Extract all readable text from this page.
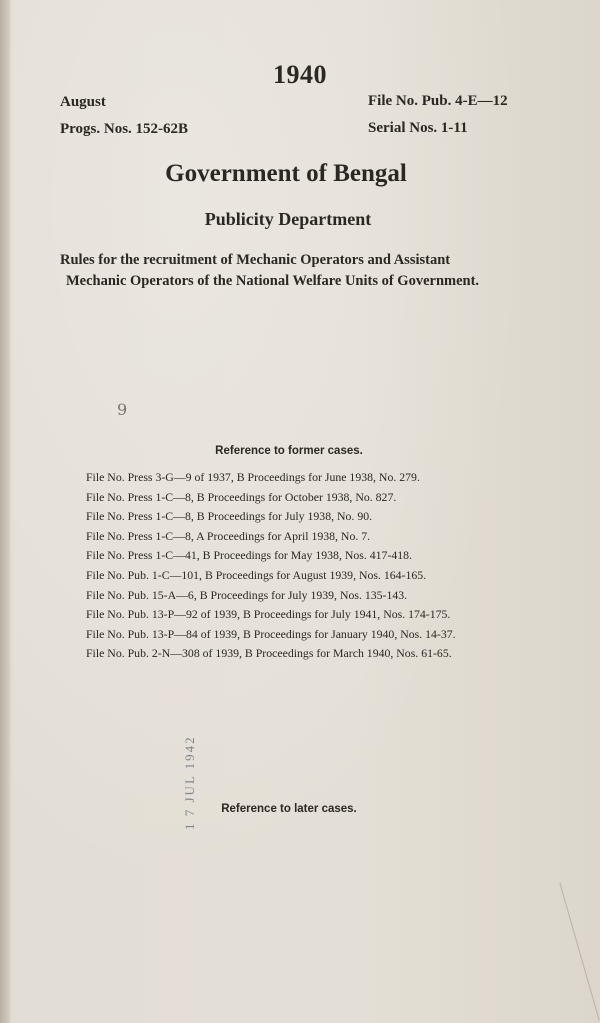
1940
August
Progs. Nos. 152-62B
File No. Pub. 4-E—12
Serial Nos. 1-11
Government of Bengal
Publicity Department
Rules for the recruitment of Mechanic Operators and Assistant
Mechanic Operators of the National Welfare Units of Government.
9
Reference to former cases.
File No. Press 3-G—9 of 1937, B Proceedings for June 1938, No. 279.
File No. Press 1-C—8, B Proceedings for October 1938, No. 827.
File No. Press 1-C—8, B Proceedings for July 1938, No. 90.
File No. Press 1-C—8, A Proceedings for April 1938, No. 7.
File No. Press 1-C—41, B Proceedings for May 1938, Nos. 417-418.
File No. Pub. 1-C—101, B Proceedings for August 1939, Nos. 164-165.
File No. Pub. 15-A—6, B Proceedings for July 1939, Nos. 135-143.
File No. Pub. 13-P—92 of 1939, B Proceedings for July 1941, Nos. 174-175.
File No. Pub. 13-P—84 of 1939, B Proceedings for January 1940, Nos. 14-37.
File No. Pub. 2-N—308 of 1939, B Proceedings for March 1940, Nos. 61-65.
1 7 JUL 1942	Reference to later cases.
